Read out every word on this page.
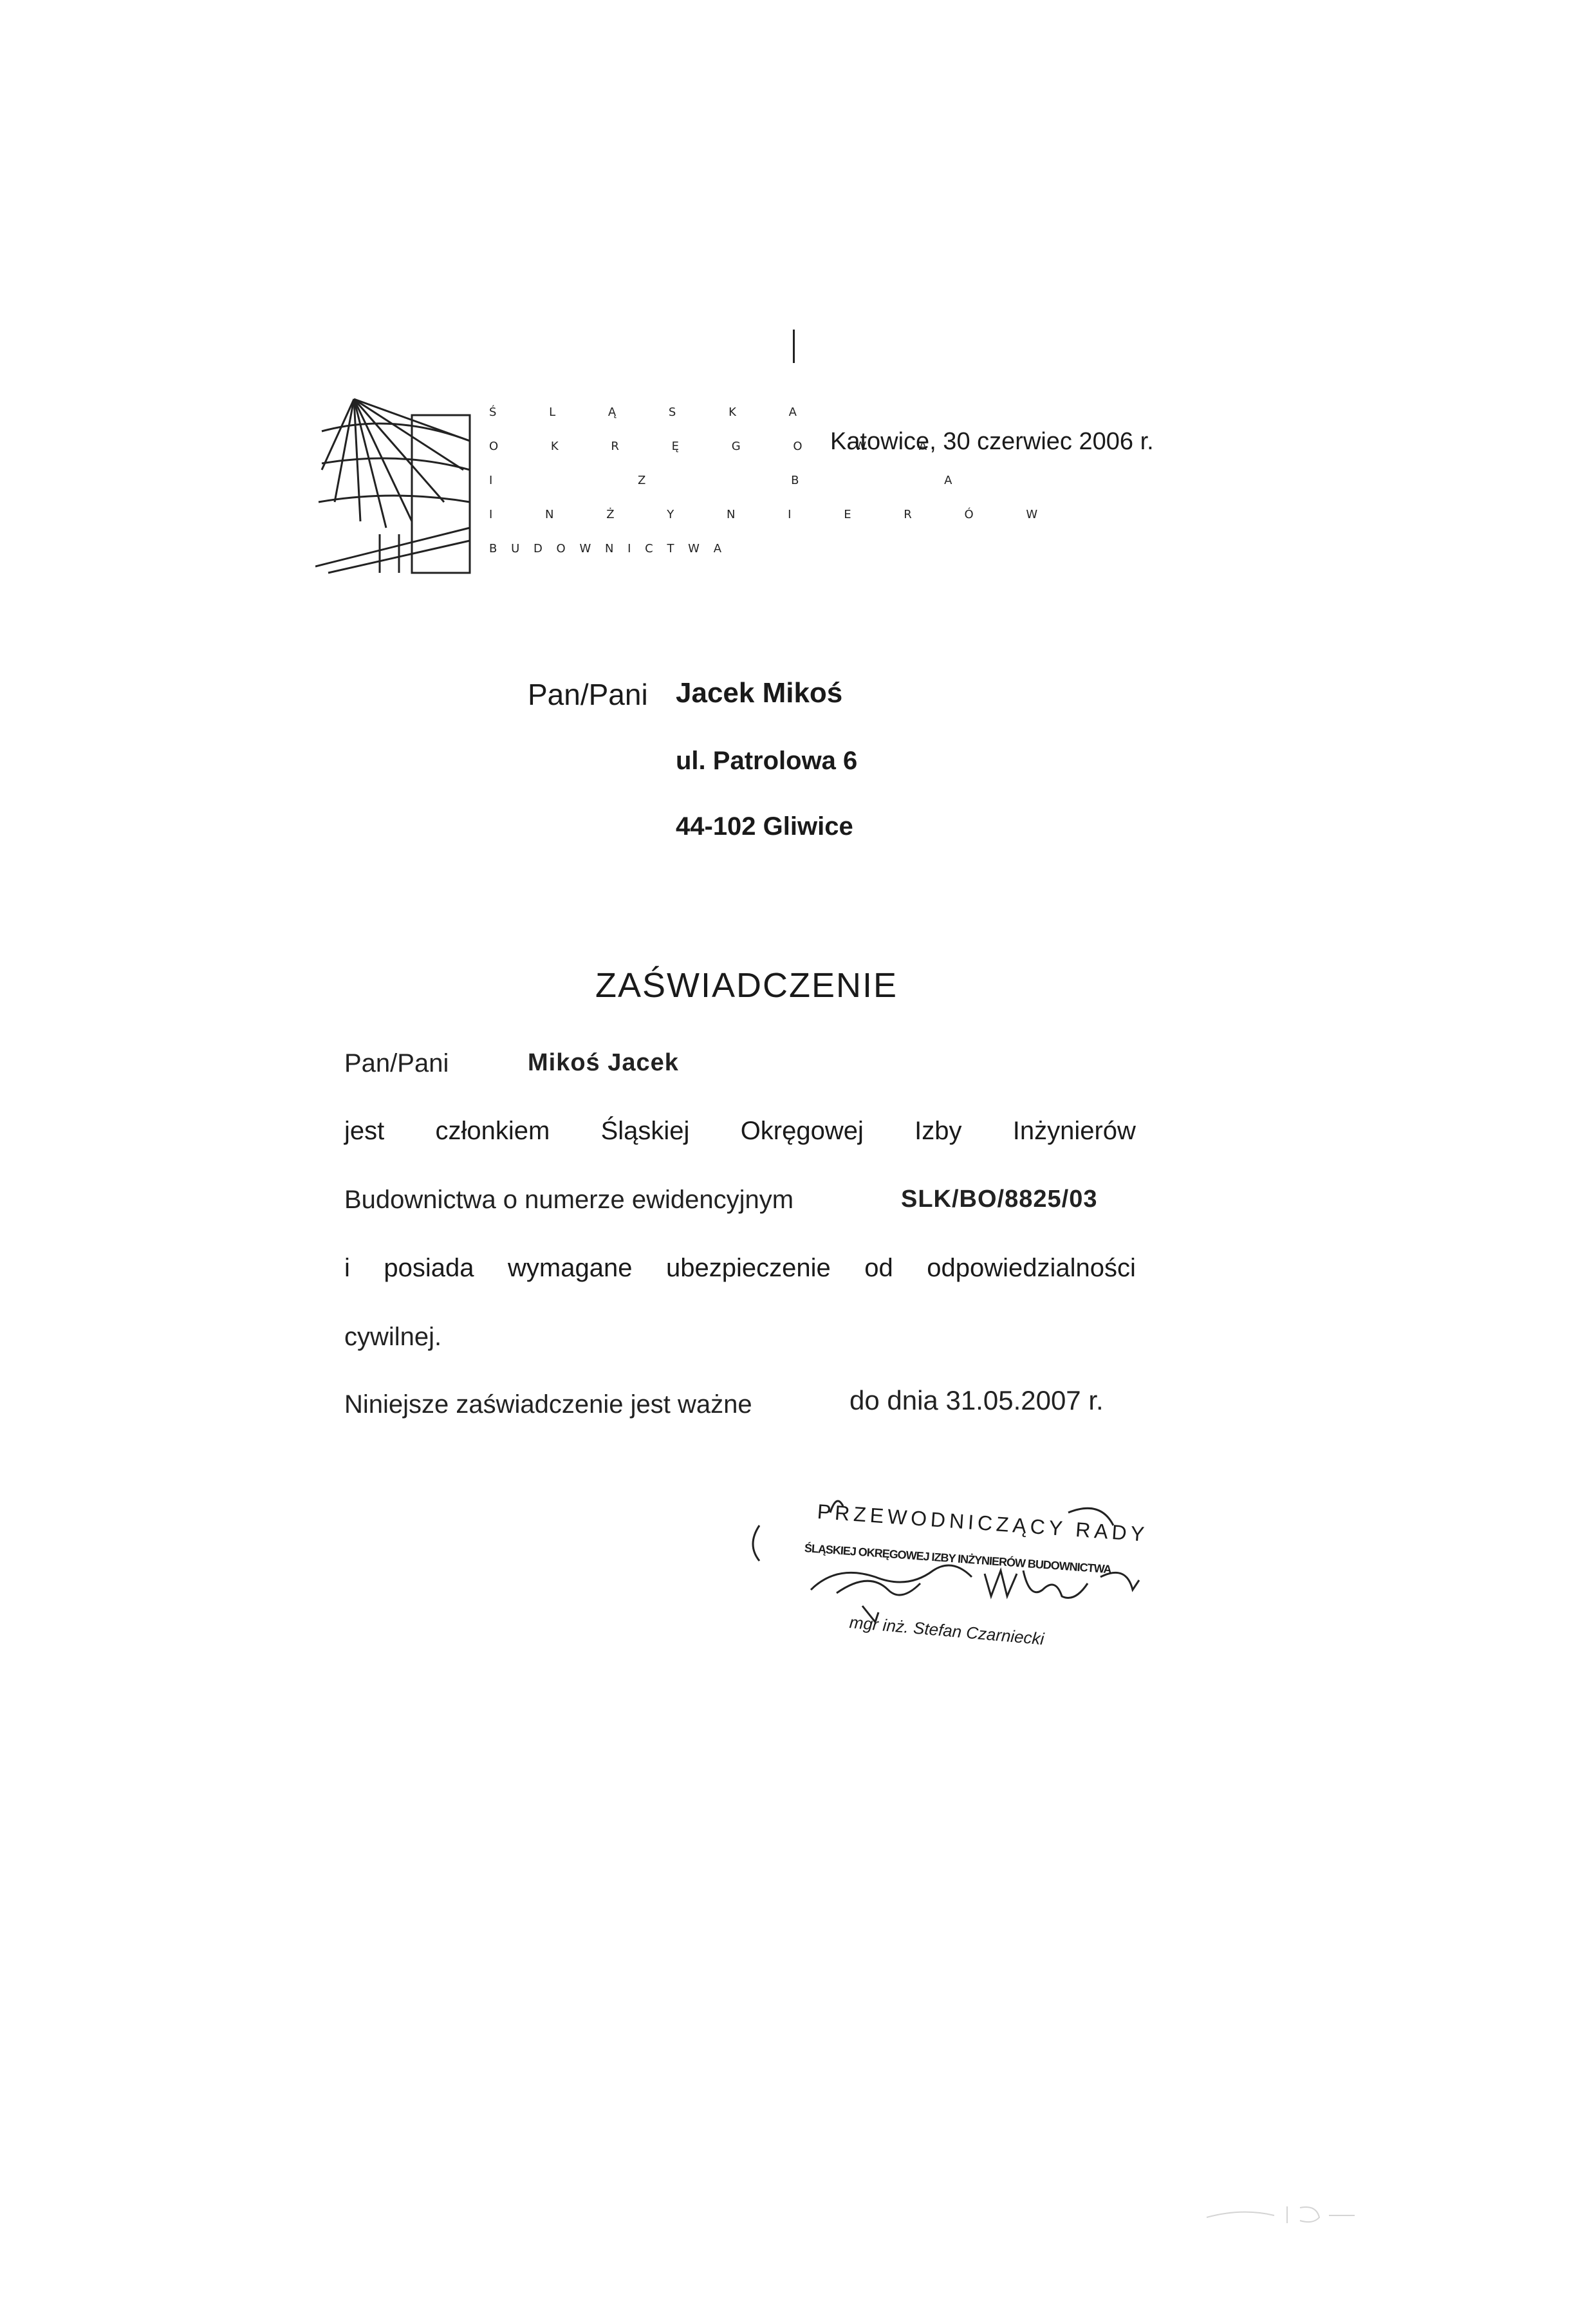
Ś L Ą S K A
O K R Ę G O W A
I Z B A
I N Ż Y N I E R Ó W
B U D O W N I C T W A
Katowice, 30 czerwiec 2006 r.
Pan/Pani Jacek Mikoś
ul. Patrolowa 6
44-102 Gliwice
ZAŚWIADCZENIE
Pan/Pani	Mikoś Jacek
jest członkiem Śląskiej Okręgowej Izby Inżynierów
Budownictwa o numerze ewidencyjnym	SLK/BO/8825/03
i posiada wymagane ubezpieczenie od odpowiedzialności
cywilnej.
Niniejsze zaświadczenie jest ważne	do dnia 31.05.2007 r.
PRZEWODNICZĄCY RADY
ŚLĄSKIEJ OKRĘGOWEJ IZBY INŻYNIERÓW BUDOWNICTWA
mgr inż. Stefan Czarniecki
